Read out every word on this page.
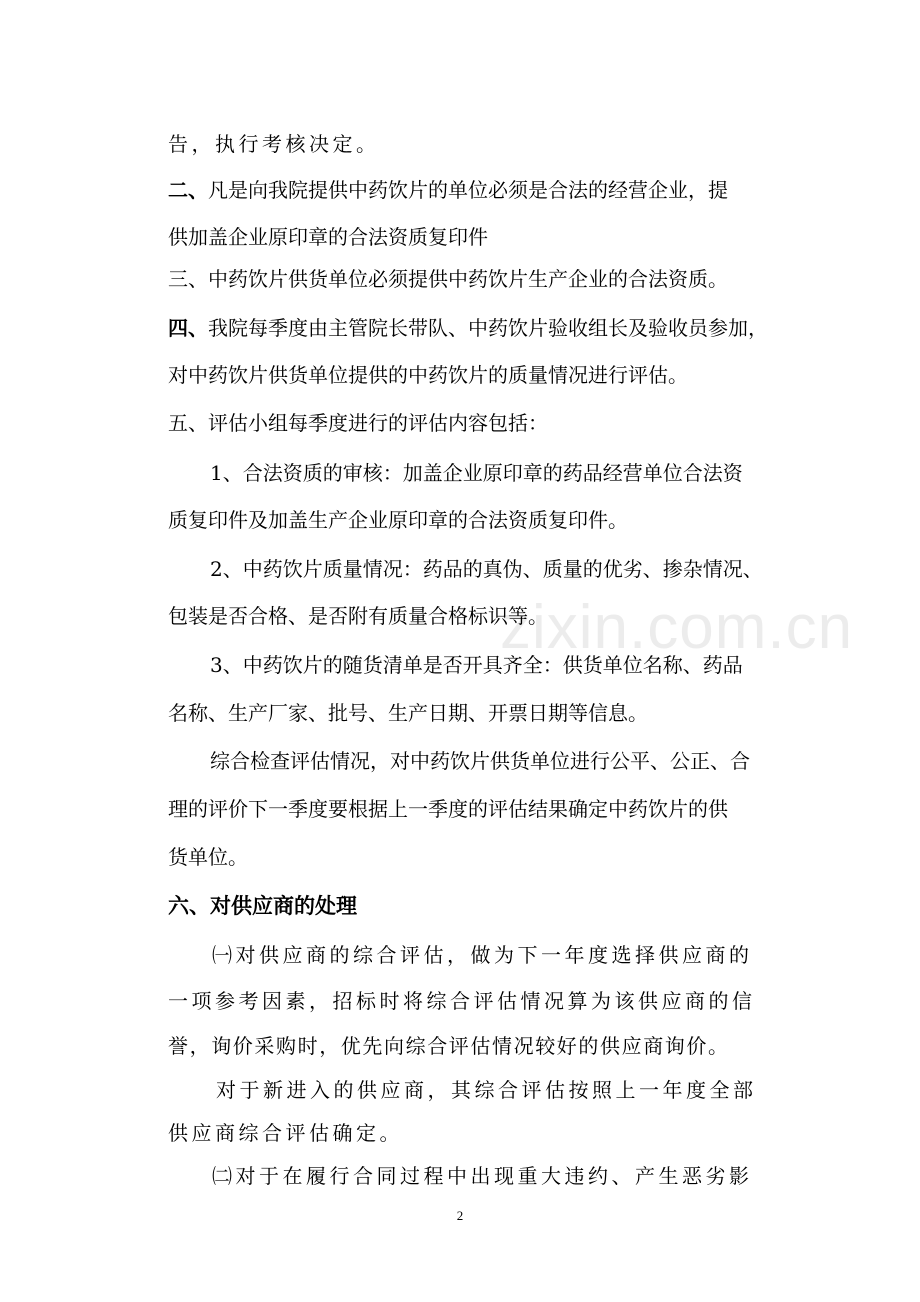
zixin.com.cn
告，执行考核决定。
二、凡是向我院提供中药饮片的单位必须是合法的经营企业，提
供加盖企业原印章的合法资质复印件
三、中药饮片供货单位必须提供中药饮片生产企业的合法资质。
四、我院每季度由主管院长带队、中药饮片验收组长及验收员参加，
对中药饮片供货单位提供的中药饮片的质量情况进行评估。
五、评估小组每季度进行的评估内容包括：
1、合法资质的审核：加盖企业原印章的药品经营单位合法资
质复印件及加盖生产企业原印章的合法资质复印件。
2、中药饮片质量情况：药品的真伪、质量的优劣、掺杂情况、
包装是否合格、是否附有质量合格标识等。
3、中药饮片的随货清单是否开具齐全：供货单位名称、药品
名称、生产厂家、批号、生产日期、开票日期等信息。
综合检查评估情况，对中药饮片供货单位进行公平、公正、合
理的评价下一季度要根据上一季度的评估结果确定中药饮片的供
货单位。
六、对供应商的处理
㈠对供应商的综合评估，做为下一年度选择供应商的
一项参考因素，招标时将综合评估情况算为该供应商的信
誉，询价采购时，优先向综合评估情况较好的供应商询价。
对于新进入的供应商，其综合评估按照上一年度全部
供应商综合评估确定。
㈡对于在履行合同过程中出现重大违约、产生恶劣影
2
